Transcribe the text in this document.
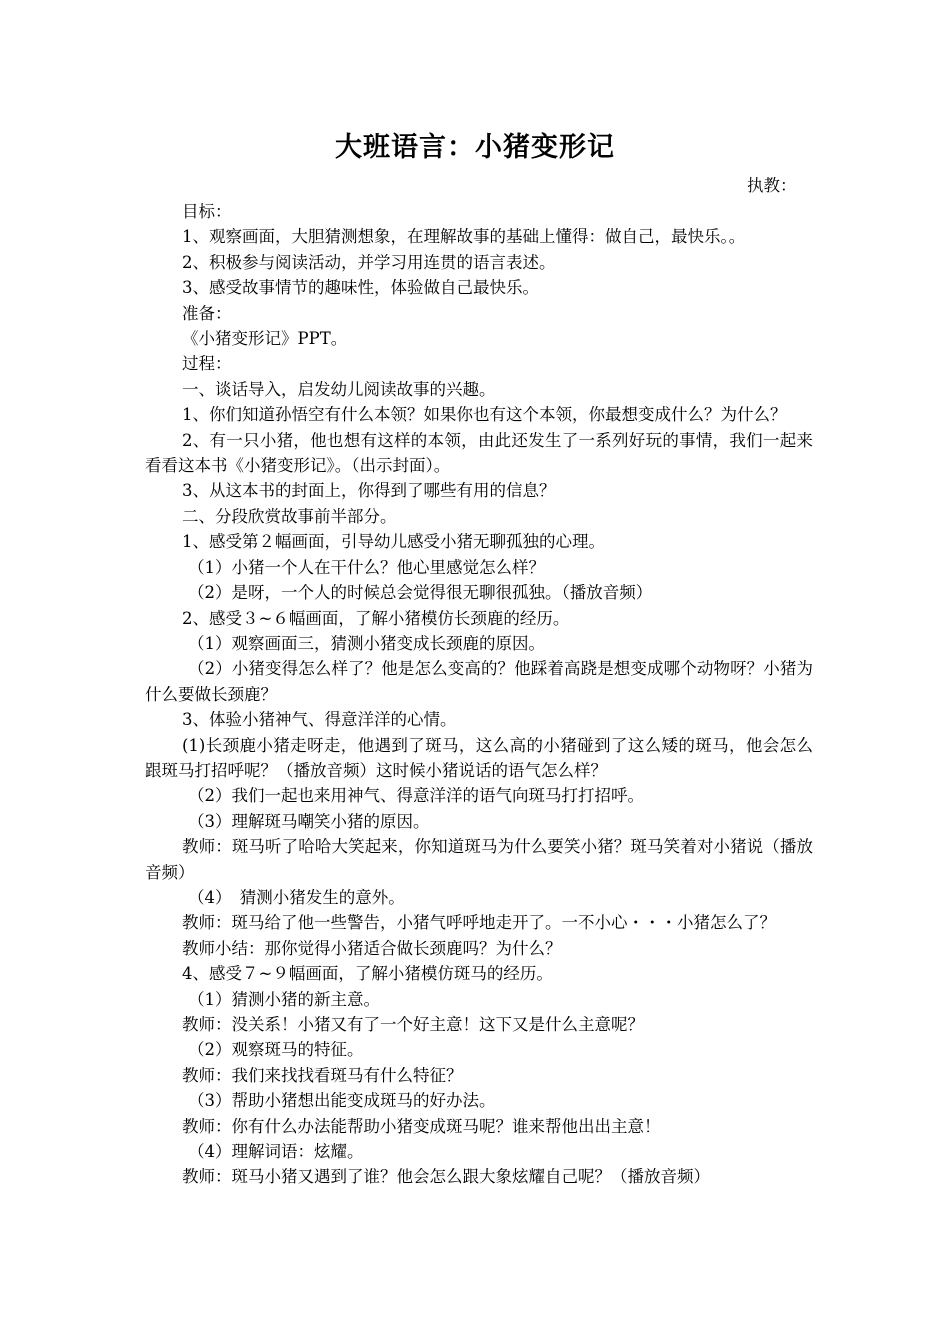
大班语言：小猪变形记
执教：

目标：

1、观察画面，大胆猜测想象，在理解故事的基础上懂得：做自己，最快乐。。

2、积极参与阅读活动，并学习用连贯的语言表述。

3、感受故事情节的趣味性，体验做自己最快乐。

准备：

《小猪变形记》PPT。

过程：

一、谈话导入，启发幼儿阅读故事的兴趣。

1、你们知道孙悟空有什么本领？如果你也有这个本领，你最想变成什么？为什么？

2、有一只小猪，他也想有这样的本领，由此还发生了一系列好玩的事情，我们一起来看看这本书《小猪变形记》。（出示封面）。

3、从这本书的封面上，你得到了哪些有用的信息？

二、分段欣赏故事前半部分。

1、感受第２幅画面，引导幼儿感受小猪无聊孤独的心理。

（1）小猪一个人在干什么？他心里感觉怎么样？

（2）是呀，一个人的时候总会觉得很无聊很孤独。（播放音频）

2、感受３~６幅画面，了解小猪模仿长颈鹿的经历。

（1）观察画面三，猜测小猪变成长颈鹿的原因。

（2）小猪变得怎么样了？他是怎么变高的？他踩着高跷是想变成哪个动物呀？小猪为什么要做长颈鹿？

3、体验小猪神气、得意洋洋的心情。

(1)长颈鹿小猪走呀走，他遇到了斑马，这么高的小猪碰到了这么矮的斑马，他会怎么跟斑马打招呼呢？（播放音频）这时候小猪说话的语气怎么样？

（2）我们一起也来用神气、得意洋洋的语气向斑马打打招呼。

（3）理解斑马嘲笑小猪的原因。

教师：斑马听了哈哈大笑起来，你知道斑马为什么要笑小猪？斑马笑着对小猪说（播放音频）

（4）　猜测小猪发生的意外。

教师：斑马给了他一些警告，小猪气呼呼地走开了。一不小心・・・小猪怎么了？

教师小结：那你觉得小猪适合做长颈鹿吗？为什么？

4、感受７~９幅画面，了解小猪模仿斑马的经历。

（1）猜测小猪的新主意。

教师：没关系！小猪又有了一个好主意！这下又是什么主意呢？

（2）观察斑马的特征。

教师：我们来找找看斑马有什么特征？

（3）帮助小猪想出能变成斑马的好办法。

教师：你有什么办法能帮助小猪变成斑马呢？谁来帮他出出主意！

（4）理解词语：炫耀。

教师：斑马小猪又遇到了谁？他会怎么跟大象炫耀自己呢？（播放音频）
